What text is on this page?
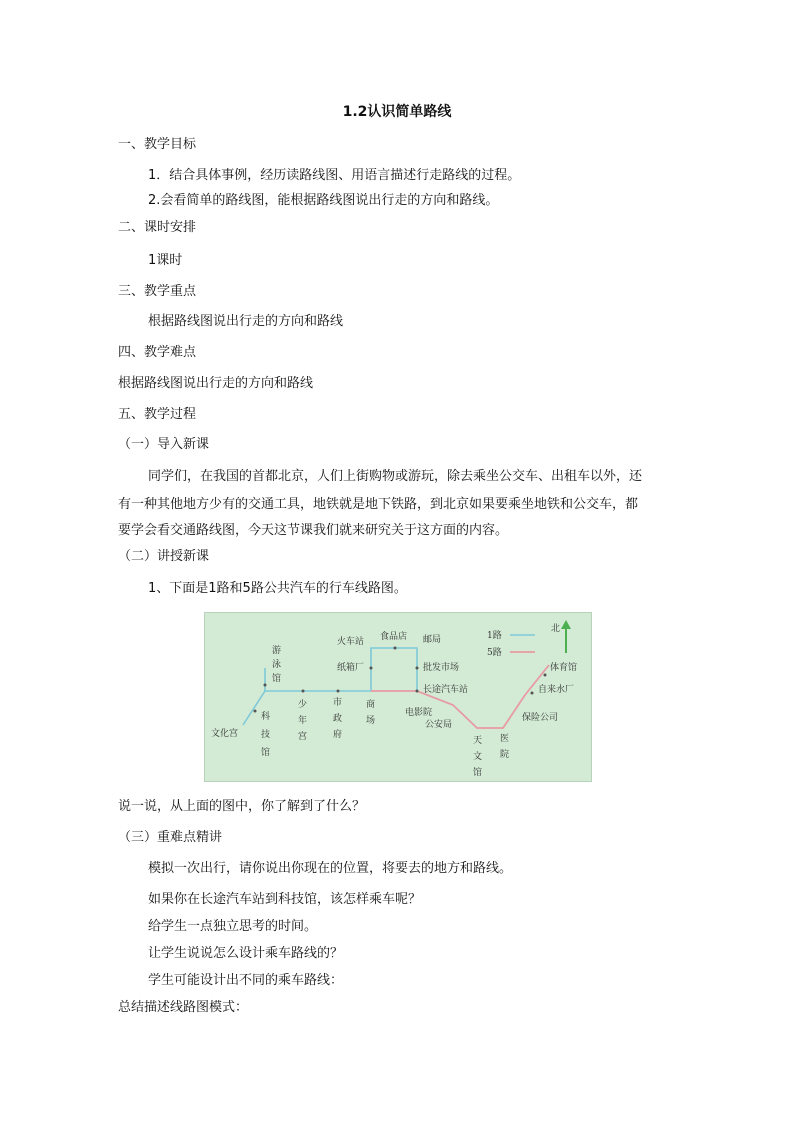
1.2认识简单路线
一、教学目标
1．结合具体事例，经历读路线图、用语言描述行走路线的过程。
2.会看简单的路线图，能根据路线图说出行走的方向和路线。
二、课时安排
1课时
三、教学重点
根据路线图说出行走的方向和路线
四、教学难点
根据路线图说出行走的方向和路线
五、教学过程
（一）导入新课
同学们，在我国的首都北京，人们上街购物或游玩，除去乘坐公交车、出租车以外，还
有一种其他地方少有的交通工具，地铁就是地下铁路，到北京如果要乘坐地铁和公交车，都
要学会看交通路线图，今天这节课我们就来研究关于这方面的内容。
（二）讲授新课
1、下面是1路和5路公共汽车的行车线路图。
火车站 食品店 邮局
纸箱厂	批发市场
长途汽车站
电影院
公安局
文化宫
体育馆
自来水厂
保险公司
游
泳
馆
科
技
馆
少
年
宫
市
政
府
商
场
天
文
馆
医
院
1路
5路
北
说一说，从上面的图中，你了解到了什么？
（三）重难点精讲
模拟一次出行，请你说出你现在的位置，将要去的地方和路线。
如果你在长途汽车站到科技馆，该怎样乘车呢？
给学生一点独立思考的时间。
让学生说说怎么设计乘车路线的？
学生可能设计出不同的乘车路线：
总结描述线路图模式：
